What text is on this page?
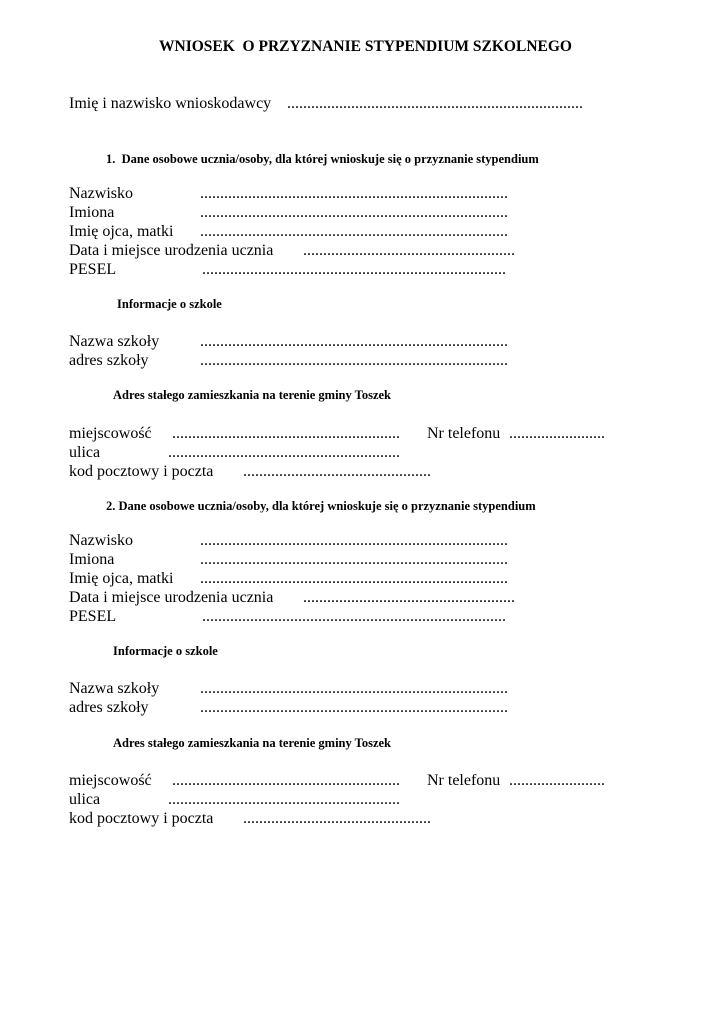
WNIOSEK  O PRZYZNANIE STYPENDIUM SZKOLNEGO
Imię i nazwisko wnioskodawcy ..........................................................................
1.  Dane osobowe ucznia/osoby, dla której wnioskuje się o przyznanie stypendium
Nazwisko	.............................................................................
Imiona	.............................................................................
Imię ojca, matki .............................................................................
Data i miejsce urodzenia ucznia .....................................................
PESEL	............................................................................
Informacje o szkole
Nazwa szkoły	.............................................................................
adres szkoły	.............................................................................
Adres stałego zamieszkania na terenie gminy Toszek
miejscowość ......................................................... Nr telefonu ........................
ulica	..........................................................
kod pocztowy i poczta ...............................................
2. Dane osobowe ucznia/osoby, dla której wnioskuje się o przyznanie stypendium
Nazwisko	.............................................................................
Imiona	.............................................................................
Imię ojca, matki .............................................................................
Data i miejsce urodzenia ucznia .....................................................
PESEL	............................................................................
Informacje o szkole
Nazwa szkoły	.............................................................................
adres szkoły	.............................................................................
Adres stałego zamieszkania na terenie gminy Toszek
miejscowość ......................................................... Nr telefonu ........................
ulica	..........................................................
kod pocztowy i poczta ...............................................
